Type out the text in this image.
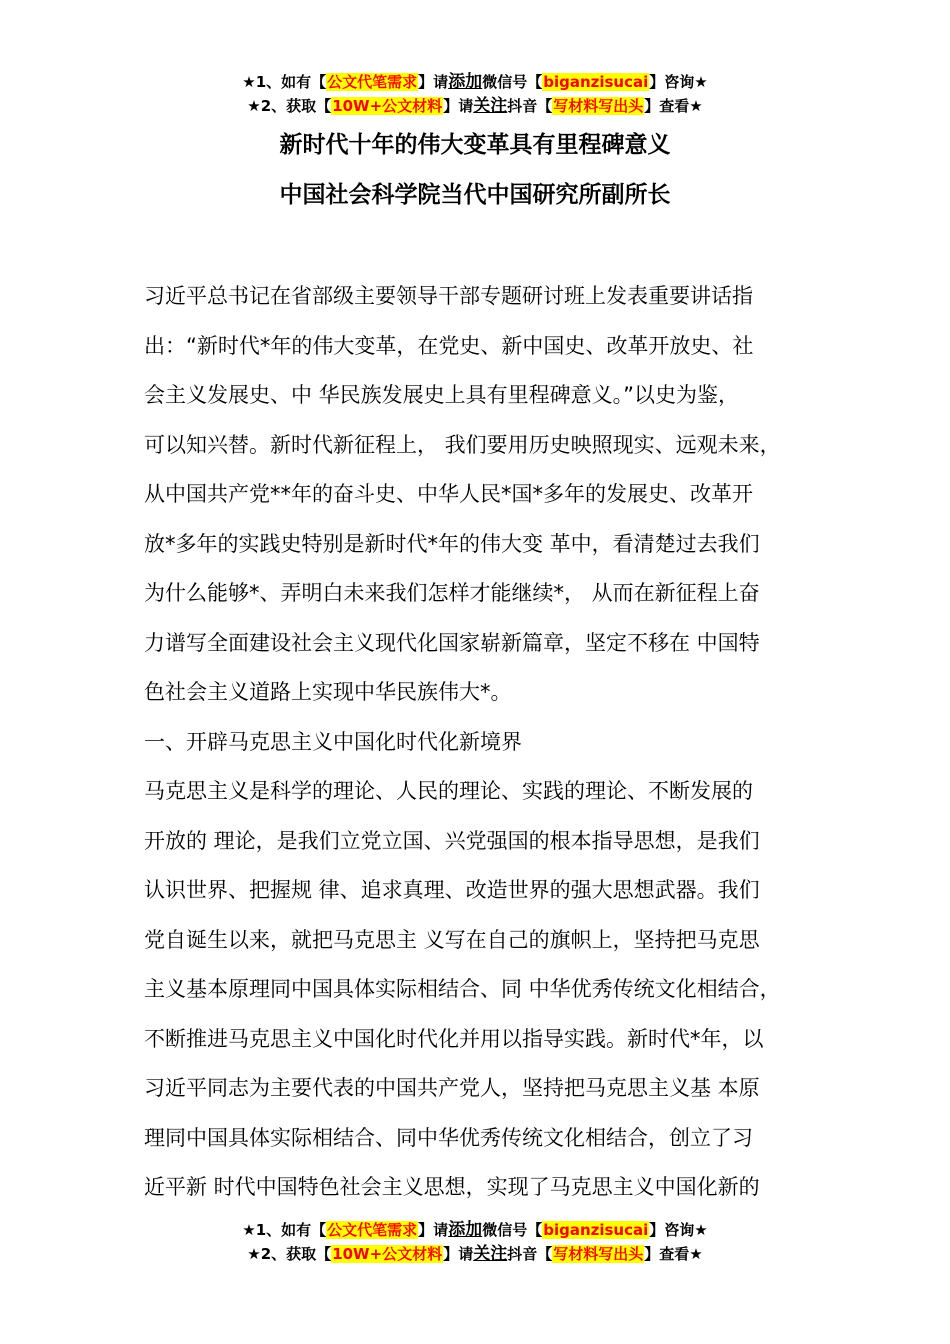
★1、如有【公文代笔需求】请添加微信号【biganzisucai】咨询★
★2、获取【10W+公文材料】请关注抖音【写材料写出头】查看★
新时代十年的伟大变革具有里程碑意义
中国社会科学院当代中国研究所副所长
习近平总书记在省部级主要领导干部专题研讨班上发表重要讲话指
出：“新时代*年的伟大变革，在党史、新中国史、改革开放史、社
会主义发展史、中 华民族发展史上具有里程碑意义。”以史为鉴，
可以知兴替。新时代新征程上， 我们要用历史映照现实、远观未来，
从中国共产党**年的奋斗史、中华人民*国*多年的发展史、改革开
放*多年的实践史特别是新时代*年的伟大变 革中，看清楚过去我们
为什么能够*、弄明白未来我们怎样才能继续*， 从而在新征程上奋
力谱写全面建设社会主义现代化国家崭新篇章，坚定不移在 中国特
色社会主义道路上实现中华民族伟大*。
一、开辟马克思主义中国化时代化新境界
马克思主义是科学的理论、人民的理论、实践的理论、不断发展的
开放的 理论，是我们立党立国、兴党强国的根本指导思想，是我们
认识世界、把握规 律、追求真理、改造世界的强大思想武器。我们
党自诞生以来，就把马克思主 义写在自己的旗帜上，坚持把马克思
主义基本原理同中国具体实际相结合、同 中华优秀传统文化相结合，
不断推进马克思主义中国化时代化并用以指导实践。新时代*年，以
习近平同志为主要代表的中国共产党人，坚持把马克思主义基 本原
理同中国具体实际相结合、同中华优秀传统文化相结合，创立了习
近平新 时代中国特色社会主义思想，实现了马克思主义中国化新的
★1、如有【公文代笔需求】请添加微信号【biganzisucai】咨询★
★2、获取【10W+公文材料】请关注抖音【写材料写出头】查看★
